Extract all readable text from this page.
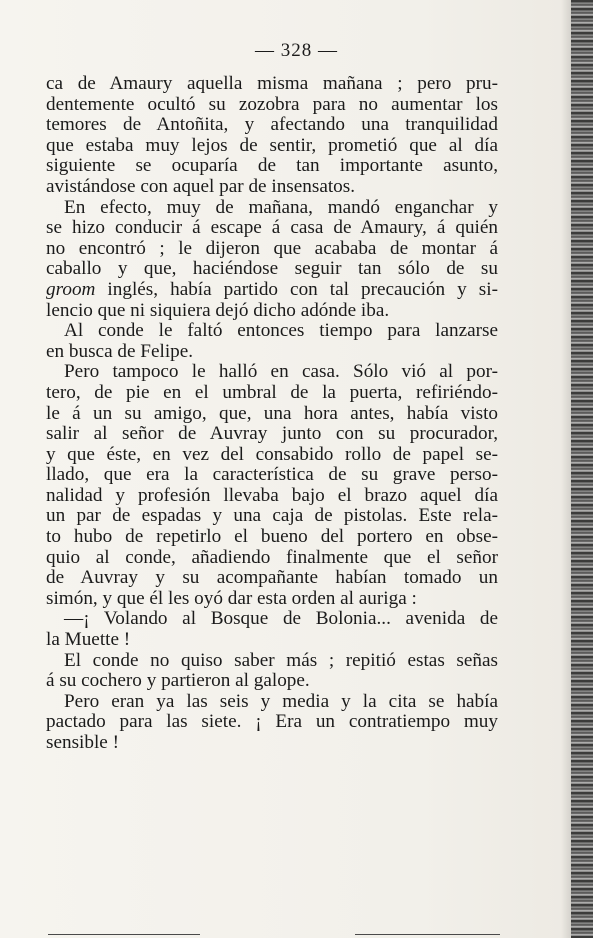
— 328 —
ca de Amaury aquella misma mañana ; pero pru-
dentemente ocultó su zozobra para no aumentar los
temores de Antoñita, y afectando una tranquilidad
que estaba muy lejos de sentir, prometió que al día
siguiente se ocuparía de tan importante asunto,
avistándose con aquel par de insensatos.
En efecto, muy de mañana, mandó enganchar y
se hizo conducir á escape á casa de Amaury, á quién
no encontró ; le dijeron que acababa de montar á
caballo y que, haciéndose seguir tan sólo de su
groom inglés, había partido con tal precaución y si-
lencio que ni siquiera dejó dicho adónde iba.
Al conde le faltó entonces tiempo para lanzarse
en busca de Felipe.
Pero tampoco le halló en casa. Sólo vió al por-
tero, de pie en el umbral de la puerta, refiriéndo-
le á un su amigo, que, una hora antes, había visto
salir al señor de Auvray junto con su procurador,
y que éste, en vez del consabido rollo de papel se-
llado, que era la característica de su grave perso-
nalidad y profesión llevaba bajo el brazo aquel día
un par de espadas y una caja de pistolas. Este rela-
to hubo de repetirlo el bueno del portero en obse-
quio al conde, añadiendo finalmente que el señor
de Auvray y su acompañante habían tomado un
simón, y que él les oyó dar esta orden al auriga :
—¡ Volando al Bosque de Bolonia... avenida de
la Muette !
El conde no quiso saber más ; repitió estas señas
á su cochero y partieron al galope.
Pero eran ya las seis y media y la cita se había
pactado para las siete. ¡ Era un contratiempo muy
sensible !
